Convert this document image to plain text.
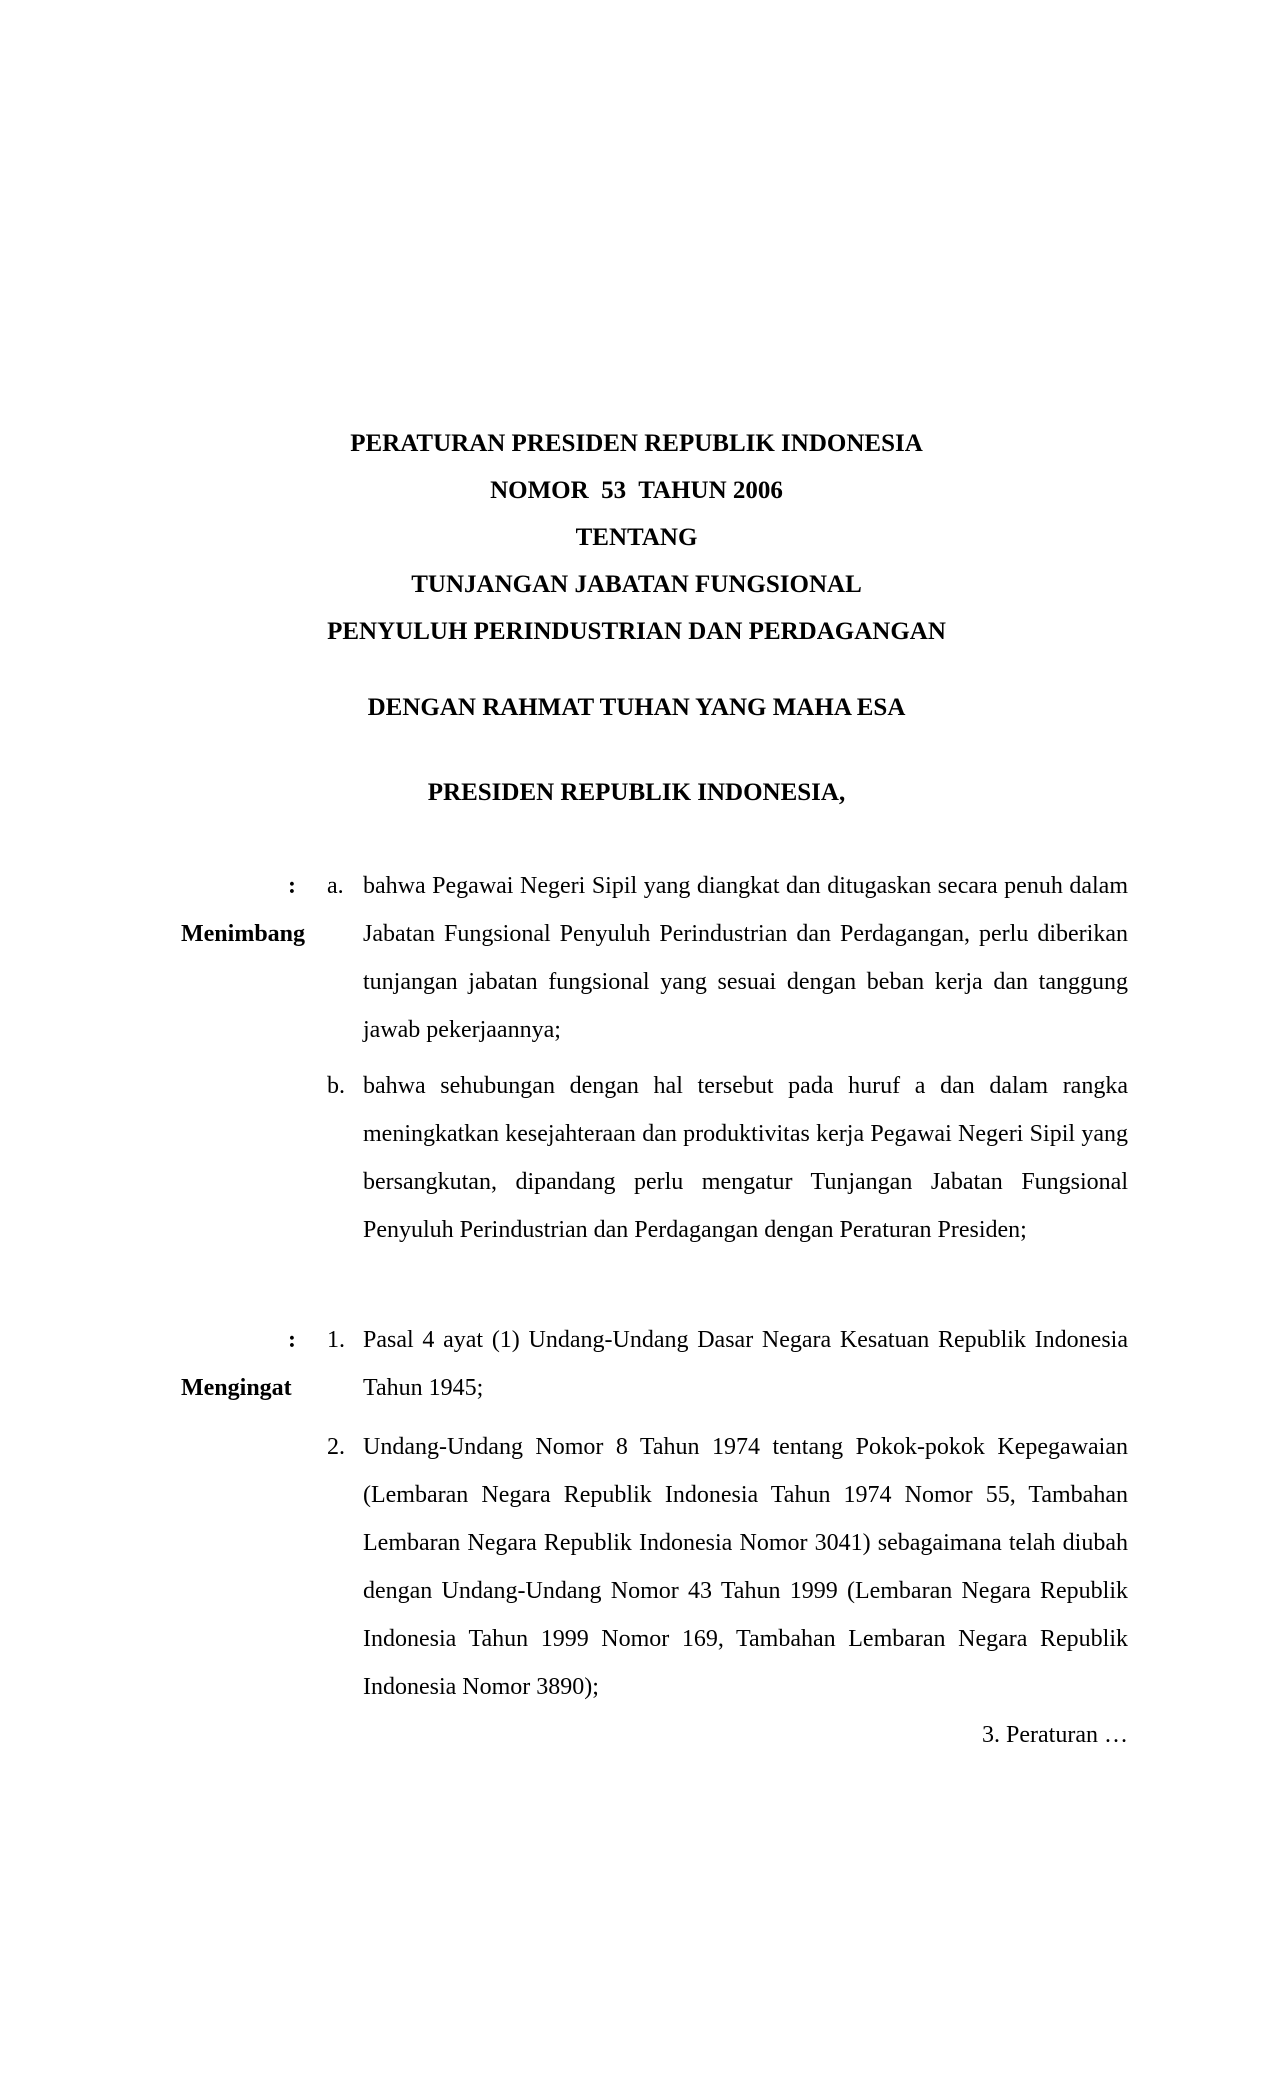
PERATURAN PRESIDEN REPUBLIK INDONESIA
NOMOR  53  TAHUN 2006
TENTANG
TUNJANGAN JABATAN FUNGSIONAL
PENYULUH PERINDUSTRIAN DAN PERDAGANGAN
DENGAN RAHMAT TUHAN YANG MAHA ESA
PRESIDEN REPUBLIK INDONESIA,

Menimbang

:

a. bahwa Pegawai Negeri Sipil yang diangkat dan ditugaskan secara penuh dalam Jabatan Fungsional Penyuluh Perindustrian dan Perdagangan, perlu diberikan tunjangan jabatan fungsional yang sesuai dengan beban kerja dan tanggung jawab pekerjaannya;
b. bahwa sehubungan dengan hal tersebut pada huruf a dan dalam rangka meningkatkan kesejahteraan dan produktivitas kerja Pegawai Negeri Sipil yang bersangkutan, dipandang perlu mengatur Tunjangan Jabatan Fungsional Penyuluh Perindustrian dan Perdagangan dengan Peraturan Presiden;

Mengingat

:

1. Pasal 4 ayat (1) Undang-Undang Dasar Negara Kesatuan Republik Indonesia Tahun 1945;
2. Undang-Undang Nomor 8 Tahun 1974 tentang Pokok-pokok Kepegawaian (Lembaran Negara Republik Indonesia Tahun 1974 Nomor 55, Tambahan Lembaran Negara Republik Indonesia Nomor 3041) sebagaimana telah diubah dengan Undang-Undang Nomor 43 Tahun 1999 (Lembaran Negara Republik Indonesia Tahun 1999 Nomor 169, Tambahan Lembaran Negara Republik Indonesia Nomor 3890);
3. Peraturan …
